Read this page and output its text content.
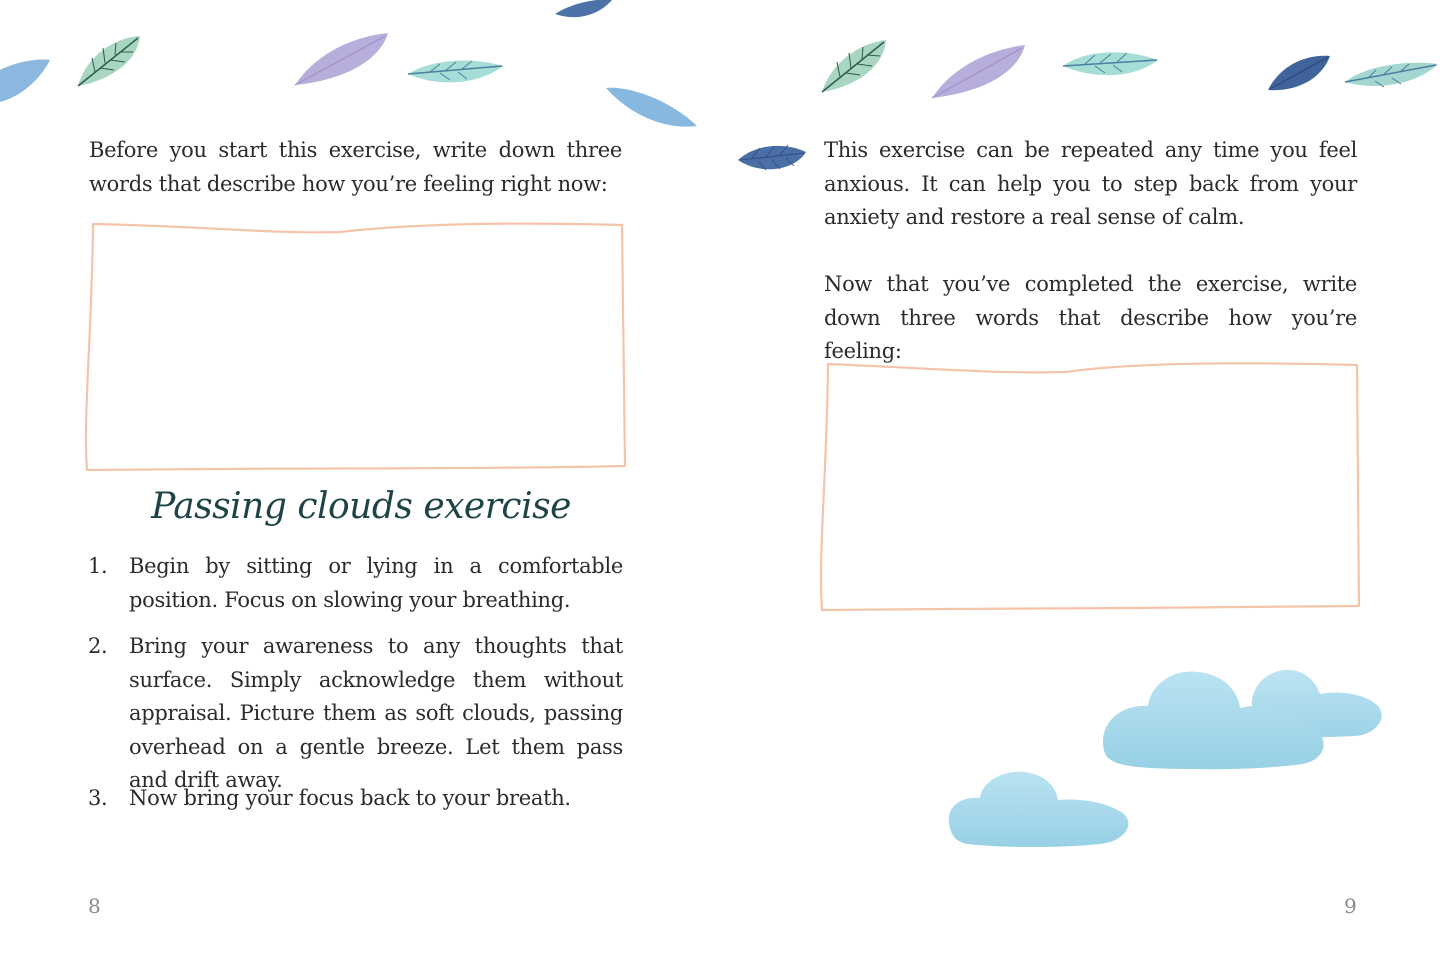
Before you start this exercise, write down three words that describe how you’re feeling right now:
Passing clouds exercise
1. Begin by sitting or lying in a comfortable position. Focus on slowing your breathing.
2. Bring your awareness to any thoughts that surface. Simply acknowledge them without appraisal. Picture them as soft clouds, passing overhead on a gentle breeze. Let them pass and drift away.
3. Now bring your focus back to your breath.
8
This exercise can be repeated any time you feel anxious. It can help you to step back from your anxiety and restore a real sense of calm.
Now that you’ve completed the exercise, write down three words that describe how you’re feeling:
9
